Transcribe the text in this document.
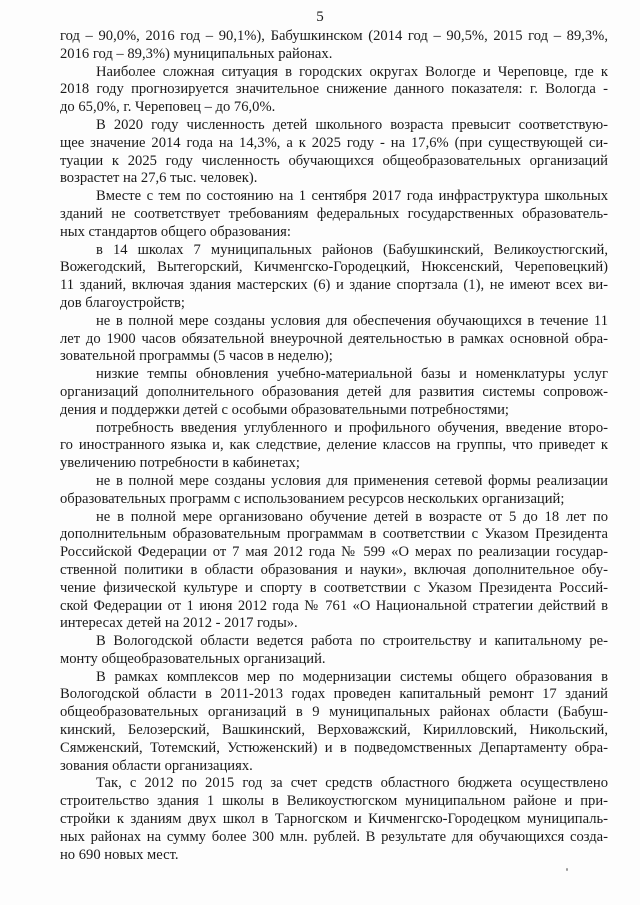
5
год – 90,0%, 2016 год – 90,1%), Бабушкинском (2014 год – 90,5%, 2015 год – 89,3%,
2016 год – 89,3%) муниципальных районах.
Наиболее сложная ситуация в городских округах Вологде и Череповце, где к
2018 году прогнозируется значительное снижение данного показателя: г. Вологда -
до 65,0%, г. Череповец – до 76,0%.
В 2020 году численность детей школьного возраста превысит соответствую-
щее значение 2014 года на 14,3%, а к 2025 году - на 17,6% (при существующей си-
туации к 2025 году численность обучающихся общеобразовательных организаций
возрастет на 27,6 тыс. человек).
Вместе с тем по состоянию на 1 сентября 2017 года инфраструктура школьных
зданий не соответствует требованиям федеральных государственных образователь-
ных стандартов общего образования:
в 14 школах 7 муниципальных районов (Бабушкинский, Великоустюгский,
Вожегодский, Вытегорский, Кичменгско-Городецкий, Нюксенский, Череповецкий)
11 зданий, включая здания мастерских (6) и здание спортзала (1), не имеют всех ви-
дов благоустройств;
не в полной мере созданы условия для обеспечения обучающихся в течение 11
лет до 1900 часов обязательной внеурочной деятельностью в рамках основной обра-
зовательной программы (5 часов в неделю);
низкие темпы обновления учебно-материальной базы и номенклатуры услуг
организаций дополнительного образования детей для развития системы сопровож-
дения и поддержки детей с особыми образовательными потребностями;
потребность введения углубленного и профильного обучения, введение второ-
го иностранного языка и, как следствие, деление классов на группы, что приведет к
увеличению потребности в кабинетах;
не в полной мере созданы условия для применения сетевой формы реализации
образовательных программ с использованием ресурсов нескольких организаций;
не в полной мере организовано обучение детей в возрасте от 5 до 18 лет по
дополнительным образовательным программам в соответствии с Указом Президента
Российской Федерации от 7 мая 2012 года № 599 «О мерах по реализации государ-
ственной политики в области образования и науки», включая дополнительное обу-
чение физической культуре и спорту в соответствии с Указом Президента Россий-
ской Федерации от 1 июня 2012 года № 761 «О Национальной стратегии действий в
интересах детей на 2012 - 2017 годы».
В Вологодской области ведется работа по строительству и капитальному ре-
монту общеобразовательных организаций.
В рамках комплексов мер по модернизации системы общего образования в
Вологодской области в 2011-2013 годах проведен капитальный ремонт 17 зданий
общеобразовательных организаций в 9 муниципальных районах области (Бабуш-
кинский, Белозерский, Вашкинский, Верховажский, Кирилловский, Никольский,
Сямженский, Тотемский, Устюженский) и в подведомственных Департаменту обра-
зования области организациях.
Так, с 2012 по 2015 год за счет средств областного бюджета осуществлено
строительство здания 1 школы в Великоустюгском муниципальном районе и при-
стройки к зданиям двух школ в Тарногском и Кичменгско-Городецком муниципаль-
ных районах на сумму более 300 млн. рублей. В результате для обучающихся созда-
но 690 новых мест.
